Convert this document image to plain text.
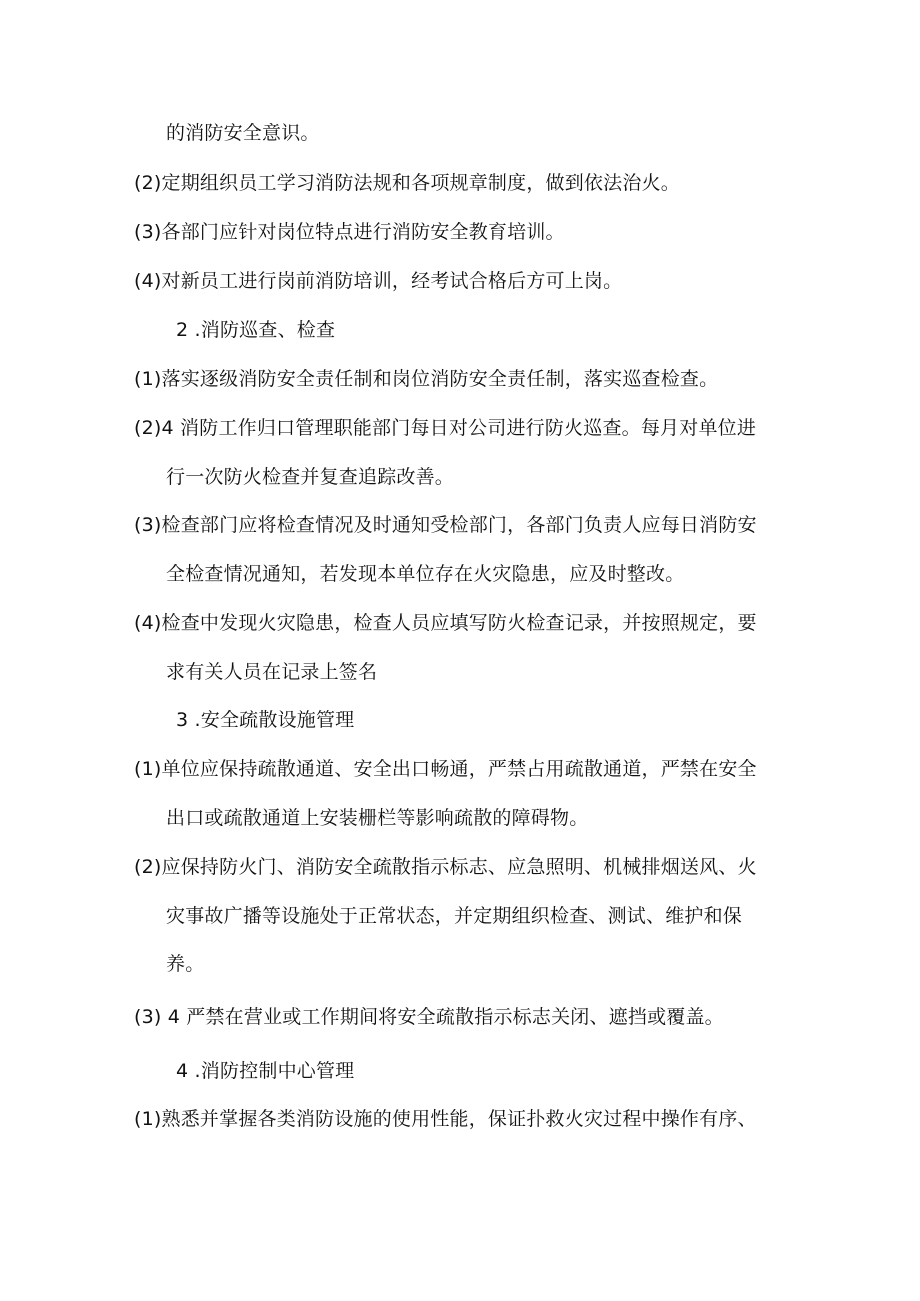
的消防安全意识。
(2)定期组织员工学习消防法规和各项规章制度，做到依法治火。
(3)各部门应针对岗位特点进行消防安全教育培训。
(4)对新员工进行岗前消防培训，经考试合格后方可上岗。
2 .消防巡查、检查
(1)落实逐级消防安全责任制和岗位消防安全责任制，落实巡查检查。
(2)4 消防工作归口管理职能部门每日对公司进行防火巡查。每月对单位进
行一次防火检查并复查追踪改善。
(3)检查部门应将检查情况及时通知受检部门，各部门负责人应每日消防安
全检查情况通知，若发现本单位存在火灾隐患，应及时整改。
(4)检查中发现火灾隐患，检查人员应填写防火检查记录，并按照规定，要
求有关人员在记录上签名
3 .安全疏散设施管理
(1)单位应保持疏散通道、安全出口畅通，严禁占用疏散通道，严禁在安全
出口或疏散通道上安装栅栏等影响疏散的障碍物。
(2)应保持防火门、消防安全疏散指示标志、应急照明、机械排烟送风、火
灾事故广播等设施处于正常状态，并定期组织检查、测试、维护和保
养。
(3) 4 严禁在营业或工作期间将安全疏散指示标志关闭、遮挡或覆盖。
4 .消防控制中心管理
(1)熟悉并掌握各类消防设施的使用性能，保证扑救火灾过程中操作有序、
